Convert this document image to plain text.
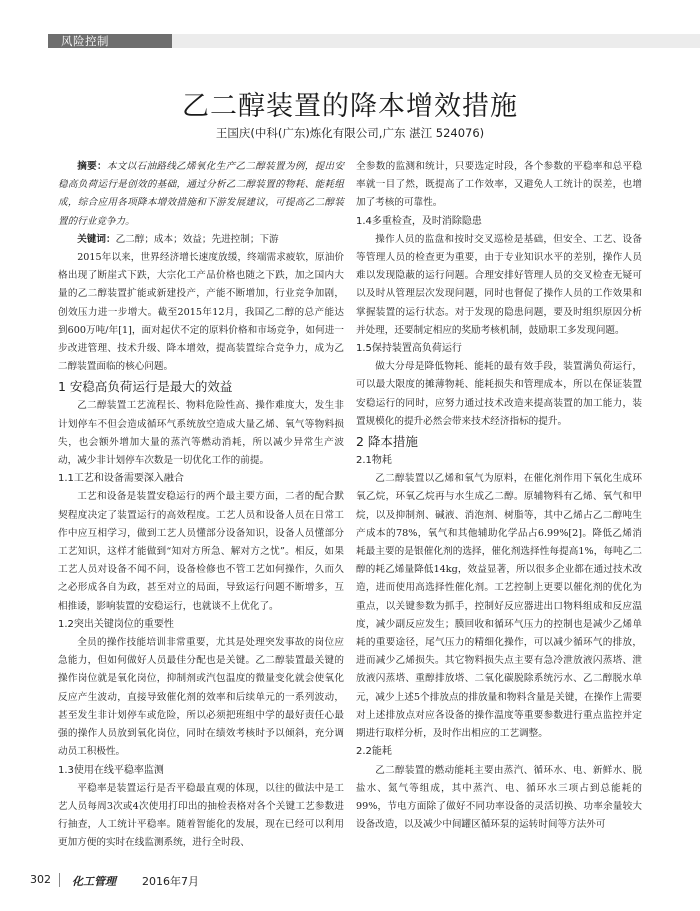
风险控制
乙二醇装置的降本增效措施
王国庆(中科(广东)炼化有限公司,广东 湛江 524076)

摘要：本文以石油路线乙烯氧化生产乙二醇装置为例，提出安稳高负荷运行是创效的基础，通过分析乙二醇装置的物耗、能耗组成，综合应用各项降本增效措施和下游发展建议，可提高乙二醇装置的行业竞争力。

关键词：乙二醇；成本；效益；先进控制；下游

2015年以来，世界经济增长速度放缓，终端需求疲软，原油价格出现了断崖式下跌，大宗化工产品价格也随之下跌，加之国内大量的乙二醇装置扩能或新建投产，产能不断增加，行业竞争加剧，创效压力进一步增大。截至2015年12月，我国乙二醇的总产能达到600万吨/年[1]，面对起伏不定的原料价格和市场竞争，如何进一步改进管理、技术升级、降本增效，提高装置综合竞争力，成为乙二醇装置面临的核心问题。

1 安稳高负荷运行是最大的效益

乙二醇装置工艺流程长、物料危险性高、操作难度大，发生非计划停车不但会造成循环气系统放空造成大量乙烯、氧气等物料损失，也会额外增加大量的蒸汽等燃动消耗，所以减少异常生产波动，减少非计划停车次数是一切优化工作的前提。

1.1工艺和设备需要深入融合

工艺和设备是装置安稳运行的两个最主要方面，二者的配合默契程度决定了装置运行的高效程度。工艺人员和设备人员在日常工作中应互相学习，做到工艺人员懂部分设备知识，设备人员懂部分工艺知识，这样才能做到“知对方所急、解对方之忧”。相反，如果工艺人员对设备不闻不问，设备检修也不管工艺如何操作，久而久之必形成各自为政，甚至对立的局面，导致运行问题不断增多，互相推诿，影响装置的安稳运行，也就谈不上优化了。

1.2突出关键岗位的重要性

全员的操作技能培训非常重要，尤其是处理突发事故的岗位应急能力，但如何做好人员最佳分配也是关键。乙二醇装置最关键的操作岗位就是氧化岗位，抑制剂或汽包温度的微量变化就会使氧化反应产生波动，直接导致催化剂的效率和后续单元的一系列波动，甚至发生非计划停车或危险，所以必须把班组中学的最好责任心最强的操作人员放到氧化岗位，同时在绩效考核时予以倾斜，充分调动员工积极性。

1.3使用在线平稳率监测

平稳率是装置运行是否平稳最直观的体现，以往的做法中是工艺人员每周3次或4次使用打印出的抽检表格对各个关键工艺参数进行抽查，人工统计平稳率。随着智能化的发展，现在已经可以利用更加方便的实时在线监测系统，进行全时段、

全参数的监测和统计，只要选定时段，各个参数的平稳率和总平稳率就一目了然，既提高了工作效率，又避免人工统计的误差，也增加了考核的可靠性。

1.4多重检查，及时消除隐患

操作人员的监盘和按时交叉巡检是基础，但安全、工艺、设备等管理人员的检查更为重要，由于专业知识水平的差别，操作人员难以发现隐蔽的运行问题。合理安排好管理人员的交叉检查无疑可以及时从管理层次发现问题，同时也督促了操作人员的工作效果和掌握装置的运行状态。对于发现的隐患问题，要及时组织原因分析并处理，还要制定相应的奖励考核机制，鼓励职工多发现问题。

1.5保持装置高负荷运行

做大分母是降低物耗、能耗的最有效手段，装置满负荷运行，可以最大限度的摊薄物耗、能耗损失和管理成本，所以在保证装置安稳运行的同时，应努力通过技术改造来提高装置的加工能力，装置规模化的提升必然会带来技术经济指标的提升。

2 降本措施
2.1物耗

乙二醇装置以乙烯和氧气为原料，在催化剂作用下氧化生成环氧乙烷，环氧乙烷再与水生成乙二醇。原辅物料有乙烯、氧气和甲烷，以及抑制剂、碱液、消泡剂、树脂等，其中乙烯占乙二醇吨生产成本的78%，氧气和其他辅助化学品占6.99%[2]。降低乙烯消耗最主要的是银催化剂的选择，催化剂选择性每提高1%，每吨乙二醇的耗乙烯量降低14kg，效益显著，所以很多企业都在通过技术改造，进而使用高选择性催化剂。工艺控制上更要以催化剂的优化为重点，以关键参数为抓手，控制好反应器进出口物料组成和反应温度，减少副反应发生；膜回收和循环气压力的控制也是减少乙烯单耗的重要途径，尾气压力的精细化操作，可以减少循环气的排放，进而减少乙烯损失。其它物料损失点主要有急冷泄放液闪蒸塔、泄放液闪蒸塔、重醇排放塔、二氧化碳脱除系统污水、乙二醇脱水单元，减少上述5个排放点的排放量和物料含量是关键，在操作上需要对上述排放点对应各设备的操作温度等重要参数进行重点监控并定期进行取样分析，及时作出相应的工艺调整。

2.2能耗

乙二醇装置的燃动能耗主要由蒸汽、循环水、电、新鲜水、脱盐水、氮气等组成，其中蒸汽、电、循环水三项占到总能耗的99%，节电方面除了做好不同功率设备的灵活切换、功率余量较大设备改造，以及减少中间罐区循环泵的运转时间等方法外可

302 化工管理 2016年7月
